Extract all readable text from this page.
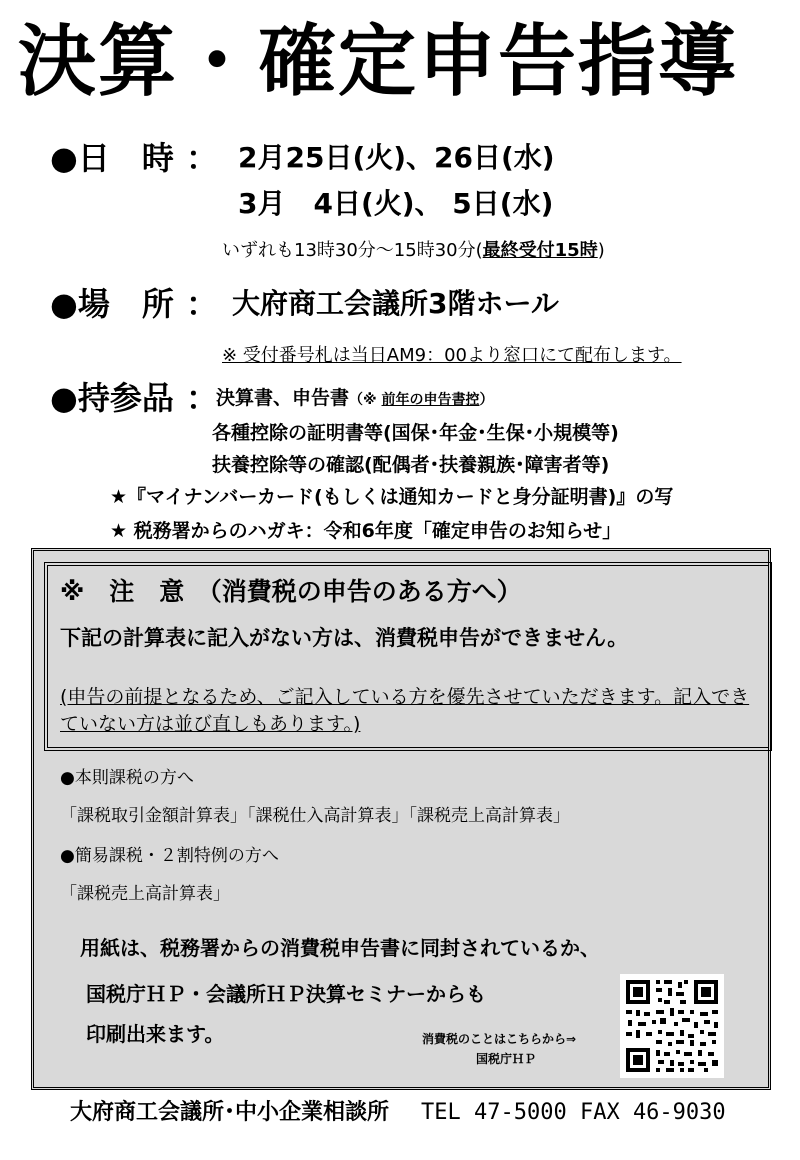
決算・確定申告指導
●日　時 ： 2月25日(火)、26日(水)
3月　4日(火)、 5日(水)
いずれも13時30分～15時30分(最終受付15時)
●場　所 ： 大府商工会議所3階ホール
※ 受付番号札は当日AM9：00より窓口にて配布します。
●持参品 ：
決算書、申告書（※ 前年の申告書控）
各種控除の証明書等(国保･年金･生保･小規模等)
扶養控除等の確認(配偶者･扶養親族･障害者等)
★『マイナンバーカード(もしくは通知カードと身分証明書)』の写
★ 税務署からのハガキ：令和6年度「確定申告のお知らせ」
※　注　意　（消費税の申告のある方へ）
下記の計算表に記入がない方は、消費税申告ができません。
(申告の前提となるため、ご記入している方を優先させていただきます。記入できていない方は並び直しもあります。)
●本則課税の方へ
「課税取引金額計算表」「課税仕入高計算表」「課税売上高計算表」
●簡易課税・２割特例の方へ
「課税売上高計算表」
用紙は、税務署からの消費税申告書に同封されているか、
国税庁ＨＰ・会議所ＨＰ決算セミナーからも
印刷出来ます。	消費税のことはこちらから⇒
国税庁ＨＰ
大府商工会議所･中小企業相談所 TEL 47-5000 FAX 46-9030
